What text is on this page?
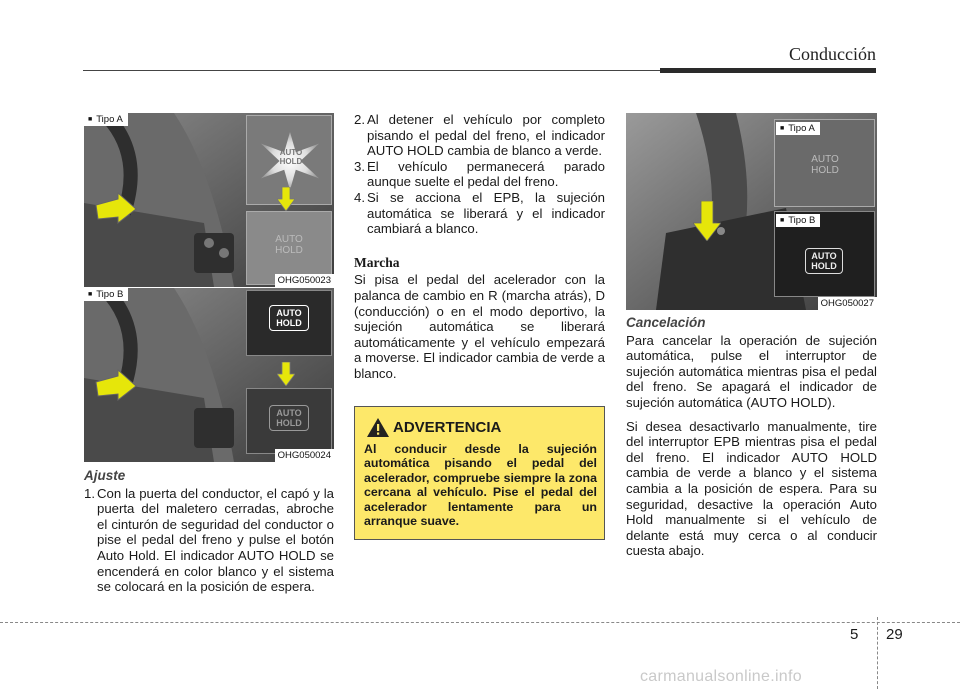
Conducción
AUTO HOLD
AUTO HOLD
■ Tipo A
OHG050023
AUTO HOLD
AUTO HOLD
■ Tipo B
OHG050024
Ajuste
1. Con la puerta del conductor, el capó y la puerta del maletero cerradas, abroche el cinturón de seguridad del conductor o pise el pedal del freno y pulse el botón Auto Hold. El indicador AUTO HOLD se encenderá en color blanco y el sistema se colocará en la posición de espera.
2. Al detener el vehículo por completo pisando el pedal del freno, el indicador AUTO HOLD cambia de blanco a verde.
3. El vehículo permanecerá parado aunque suelte el pedal del freno.
4. Si se acciona el EPB, la sujeción automática se liberará y el indicador cambiará a blanco.
Marcha

Si pisa el pedal del acelerador con la palanca de cambio en R (marcha atrás), D (conducción) o en el modo deportivo, la sujeción automática se liberará automáticamente y el vehículo empezará a moverse. El indicador cambia de verde a blanco.

ADVERTENCIA
Al conducir desde la sujeción automática pisando el pedal del acelerador, compruebe siempre la zona cercana al vehículo. Pise el pedal del acelerador lentamente para un arranque suave.
AUTO HOLD
AUTO HOLD
■ Tipo A
■ Tipo B
OHG050027
Cancelación

Para cancelar la operación de sujeción automática, pulse el interruptor de sujeción automática mientras pisa el pedal del freno. Se apagará el indicador de sujeción automática (AUTO HOLD).

Si desea desactivarlo manualmente, tire del interruptor EPB mientras pisa el pedal del freno. El indicador AUTO HOLD cambia de verde a blanco y el sistema cambia a la posición de espera. Para su seguridad, desactive la operación Auto Hold manualmente si el vehículo de delante está muy cerca o al conducir cuesta abajo.

5 29
carmanualsonline.info
